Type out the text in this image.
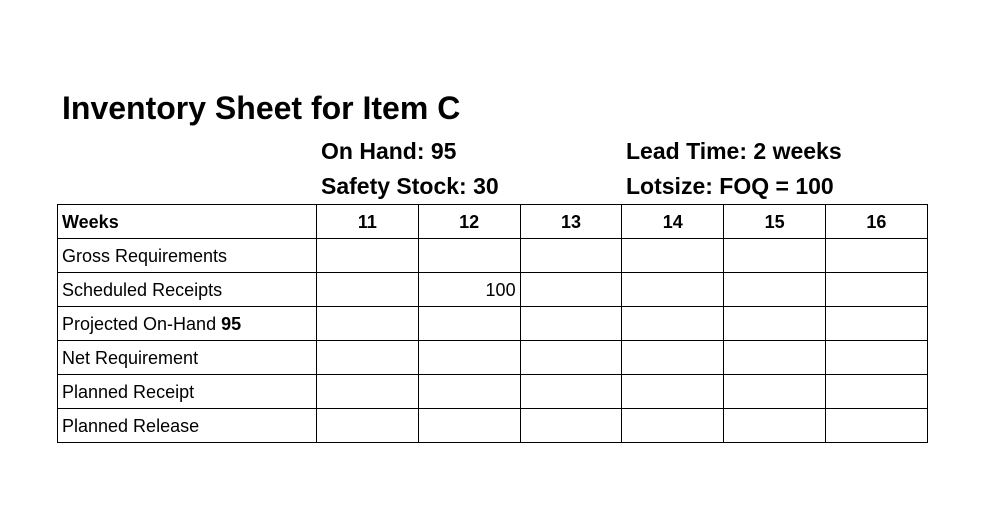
Inventory Sheet for Item C
On Hand: 95
Safety Stock: 30
Lead Time: 2 weeks
Lotsize: FOQ = 100
Weeks	11	12	13	14	15	16
Gross Requirements						
Scheduled Receipts		100				
Projected On-Hand 95						
Net Requirement						
Planned Receipt						
Planned Release						
